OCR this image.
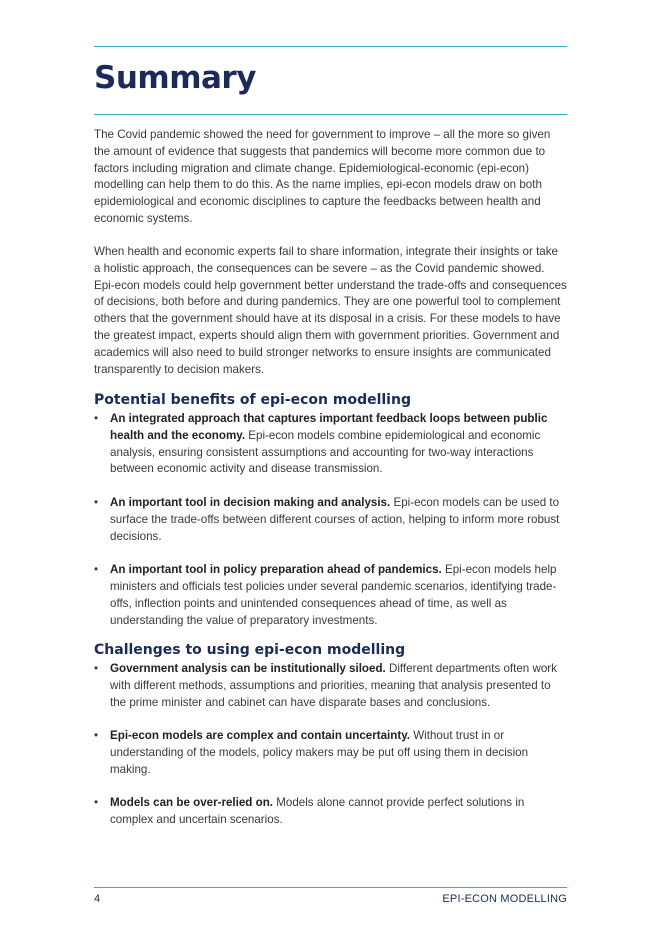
Summary

The Covid pandemic showed the need for government to improve – all the more so given the amount of evidence that suggests that pandemics will become more common due to factors including migration and climate change. Epidemiological-economic (epi-econ) modelling can help them to do this. As the name implies, epi-econ models draw on both epidemiological and economic disciplines to capture the feedbacks between health and economic systems.

When health and economic experts fail to share information, integrate their insights or take a holistic approach, the consequences can be severe – as the Covid pandemic showed. Epi-econ models could help government better understand the trade-offs and consequences of decisions, both before and during pandemics. They are one powerful tool to complement others that the government should have at its disposal in a crisis. For these models to have the greatest impact, experts should align them with government priorities. Government and academics will also need to build stronger networks to ensure insights are communicated transparently to decision makers.

Potential benefits of epi-econ modelling
• An integrated approach that captures important feedback loops between public health and the economy. Epi-econ models combine epidemiological and economic analysis, ensuring consistent assumptions and accounting for two-way interactions between economic activity and disease transmission.
• An important tool in decision making and analysis. Epi-econ models can be used to surface the trade-offs between different courses of action, helping to inform more robust decisions.
• An important tool in policy preparation ahead of pandemics. Epi-econ models help ministers and officials test policies under several pandemic scenarios, identifying trade-offs, inflection points and unintended consequences ahead of time, as well as understanding the value of preparatory investments.
Challenges to using epi-econ modelling
• Government analysis can be institutionally siloed. Different departments often work with different methods, assumptions and priorities, meaning that analysis presented to the prime minister and cabinet can have disparate bases and conclusions.
• Epi-econ models are complex and contain uncertainty. Without trust in or understanding of the models, policy makers may be put off using them in decision making.
• Models can be over-relied on. Models alone cannot provide perfect solutions in complex and uncertain scenarios.
4	EPI-ECON MODELLING
